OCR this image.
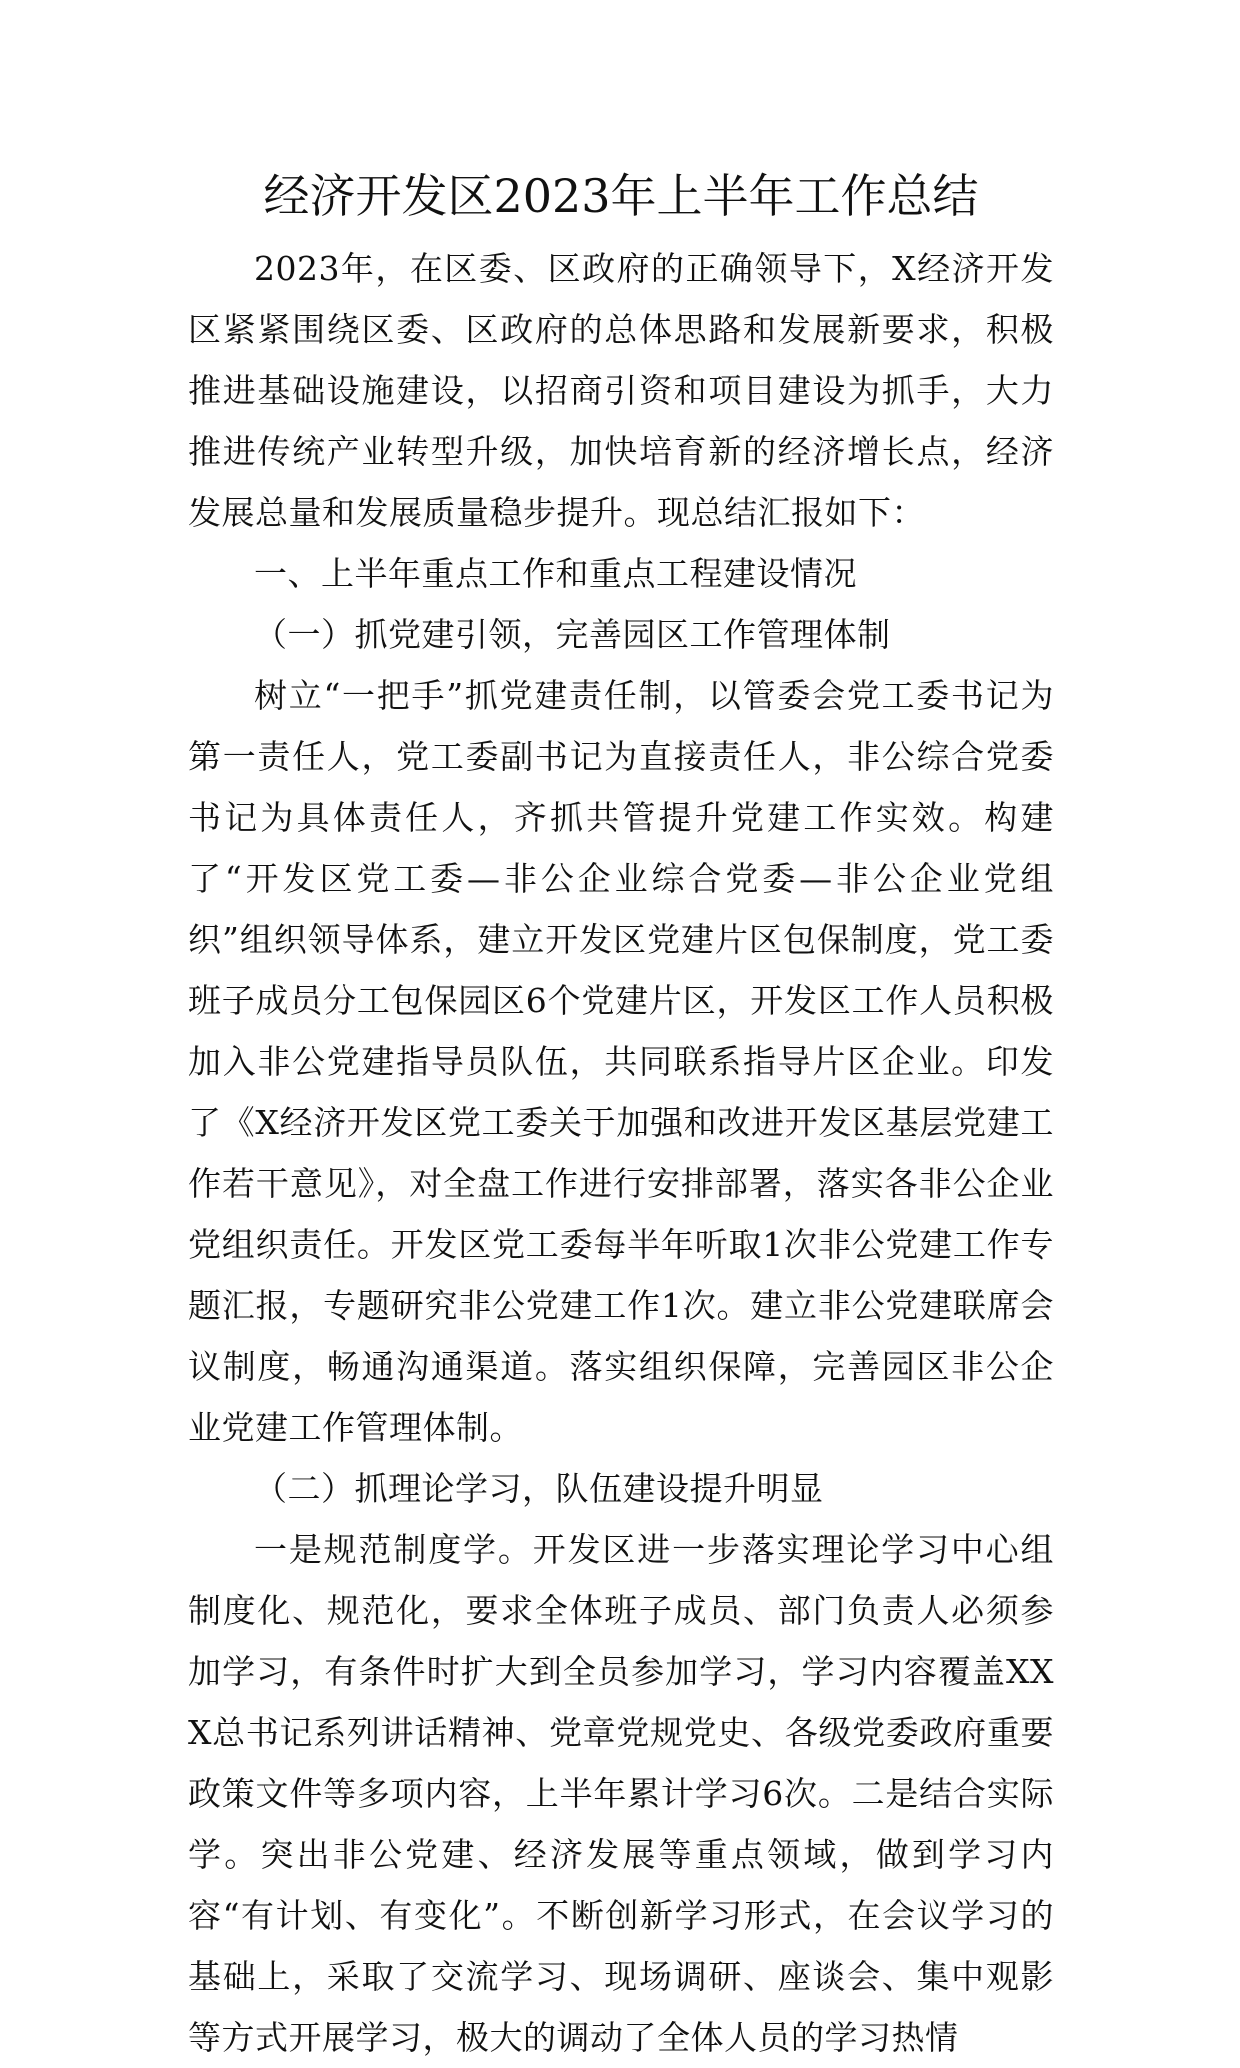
经济开发区2023年上半年工作总结

2023年，在区委、区政府的正确领导下，X经济开发区紧紧围绕区委、区政府的总体思路和发展新要求，积极推进基础设施建设，以招商引资和项目建设为抓手，大力推进传统产业转型升级，加快培育新的经济增长点，经济发展总量和发展质量稳步提升。现总结汇报如下：

一、上半年重点工作和重点工程建设情况

（一）抓党建引领，完善园区工作管理体制

树立“一把手”抓党建责任制，以管委会党工委书记为第一责任人，党工委副书记为直接责任人，非公综合党委书记为具体责任人，齐抓共管提升党建工作实效。构建了“开发区党工委—非公企业综合党委—非公企业党组织”组织领导体系，建立开发区党建片区包保制度，党工委班子成员分工包保园区6个党建片区，开发区工作人员积极加入非公党建指导员队伍，共同联系指导片区企业。印发了《X经济开发区党工委关于加强和改进开发区基层党建工作若干意见》，对全盘工作进行安排部署，落实各非公企业党组织责任。开发区党工委每半年听取1次非公党建工作专题汇报，专题研究非公党建工作1次。建立非公党建联席会议制度，畅通沟通渠道。落实组织保障，完善园区非公企业党建工作管理体制。

（二）抓理论学习，队伍建设提升明显

一是规范制度学。开发区进一步落实理论学习中心组制度化、规范化，要求全体班子成员、部门负责人必须参加学习，有条件时扩大到全员参加学习，学习内容覆盖XXX总书记系列讲话精神、党章党规党史、各级党委政府重要政策文件等多项内容，上半年累计学习6次。二是结合实际学。突出非公党建、经济发展等重点领域，做到学习内容“有计划、有变化”。不断创新学习形式，在会议学习的基础上，采取了交流学习、现场调研、座谈会、集中观影等方式开展学习，极大的调动了全体人员的学习热情
